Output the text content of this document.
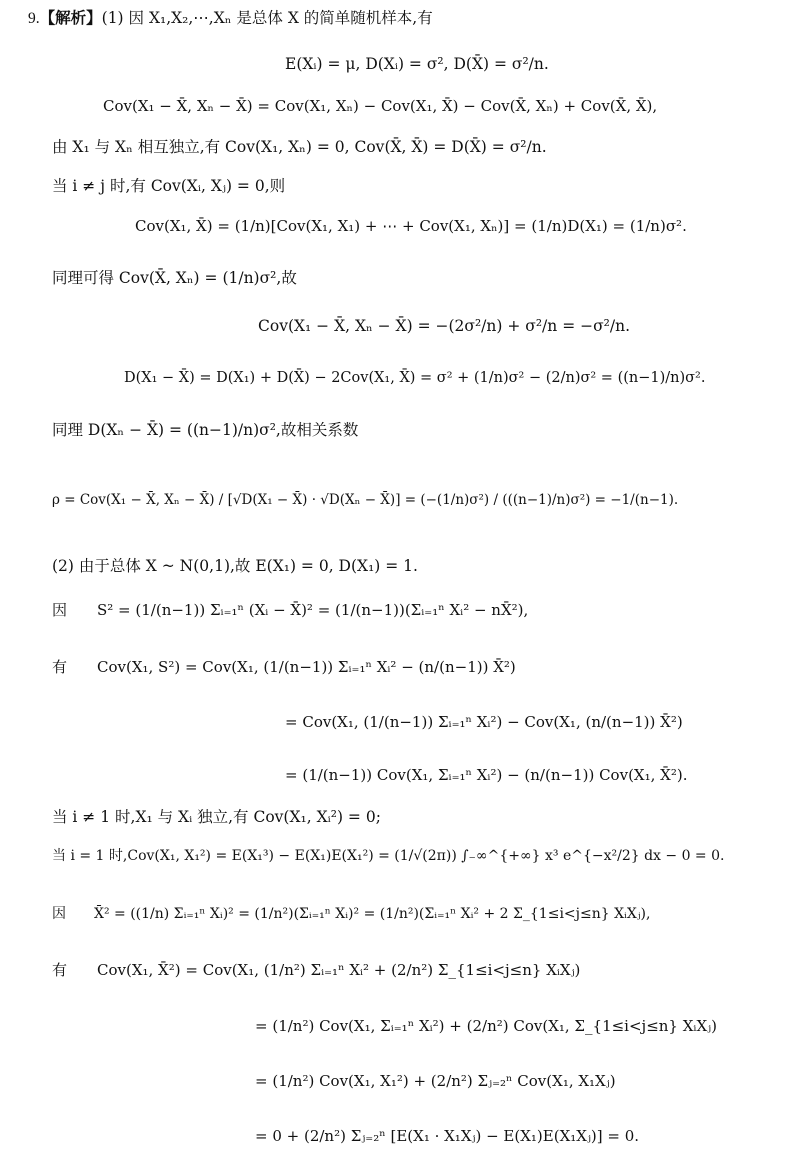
9.【解析】(1) 因 X₁,X₂,⋯,Xₙ 是总体 X 的简单随机样本,有
E(Xᵢ) = μ, D(Xᵢ) = σ², D(X̄) = σ²/n.
Cov(X₁ − X̄, Xₙ − X̄) = Cov(X₁, Xₙ) − Cov(X₁, X̄) − Cov(X̄, Xₙ) + Cov(X̄, X̄),
由 X₁ 与 Xₙ 相互独立,有 Cov(X₁, Xₙ) = 0, Cov(X̄, X̄) = D(X̄) = σ²/n.
当 i ≠ j 时,有 Cov(Xᵢ, Xⱼ) = 0,则
Cov(X₁, X̄) = (1/n)[Cov(X₁, X₁) + ⋯ + Cov(X₁, Xₙ)] = (1/n)D(X₁) = (1/n)σ².
同理可得 Cov(X̄, Xₙ) = (1/n)σ²,故
Cov(X₁ − X̄, Xₙ − X̄) = −(2σ²/n) + σ²/n = −σ²/n.
D(X₁ − X̄) = D(X₁) + D(X̄) − 2Cov(X₁, X̄) = σ² + (1/n)σ² − (2/n)σ² = ((n−1)/n)σ².
同理 D(Xₙ − X̄) = ((n−1)/n)σ²,故相关系数
ρ = Cov(X₁ − X̄, Xₙ − X̄) / [√D(X₁ − X̄) · √D(Xₙ − X̄)] = (−(1/n)σ²) / (((n−1)/n)σ²) = −1/(n−1).
(2) 由于总体 X ~ N(0,1),故 E(X₁) = 0, D(X₁) = 1.
因　　S² = (1/(n−1)) Σᵢ₌₁ⁿ (Xᵢ − X̄)² = (1/(n−1))(Σᵢ₌₁ⁿ Xᵢ² − nX̄²),
有　　Cov(X₁, S²) = Cov(X₁, (1/(n−1)) Σᵢ₌₁ⁿ Xᵢ² − (n/(n−1)) X̄²)
= Cov(X₁, (1/(n−1)) Σᵢ₌₁ⁿ Xᵢ²) − Cov(X₁, (n/(n−1)) X̄²)
= (1/(n−1)) Cov(X₁, Σᵢ₌₁ⁿ Xᵢ²) − (n/(n−1)) Cov(X₁, X̄²).
当 i ≠ 1 时,X₁ 与 Xᵢ 独立,有 Cov(X₁, Xᵢ²) = 0;
当 i = 1 时,Cov(X₁, X₁²) = E(X₁³) − E(X₁)E(X₁²) = (1/√(2π)) ∫₋∞^{+∞} x³ e^{−x²/2} dx − 0 = 0.
因　　X̄² = ((1/n) Σᵢ₌₁ⁿ Xᵢ)² = (1/n²)(Σᵢ₌₁ⁿ Xᵢ)² = (1/n²)(Σᵢ₌₁ⁿ Xᵢ² + 2 Σ_{1≤i<j≤n} XᵢXⱼ),
有　　Cov(X₁, X̄²) = Cov(X₁, (1/n²) Σᵢ₌₁ⁿ Xᵢ² + (2/n²) Σ_{1≤i<j≤n} XᵢXⱼ)
= (1/n²) Cov(X₁, Σᵢ₌₁ⁿ Xᵢ²) + (2/n²) Cov(X₁, Σ_{1≤i<j≤n} XᵢXⱼ)
= (1/n²) Cov(X₁, X₁²) + (2/n²) Σⱼ₌₂ⁿ Cov(X₁, X₁Xⱼ)
= 0 + (2/n²) Σⱼ₌₂ⁿ [E(X₁ · X₁Xⱼ) − E(X₁)E(X₁Xⱼ)] = 0.
